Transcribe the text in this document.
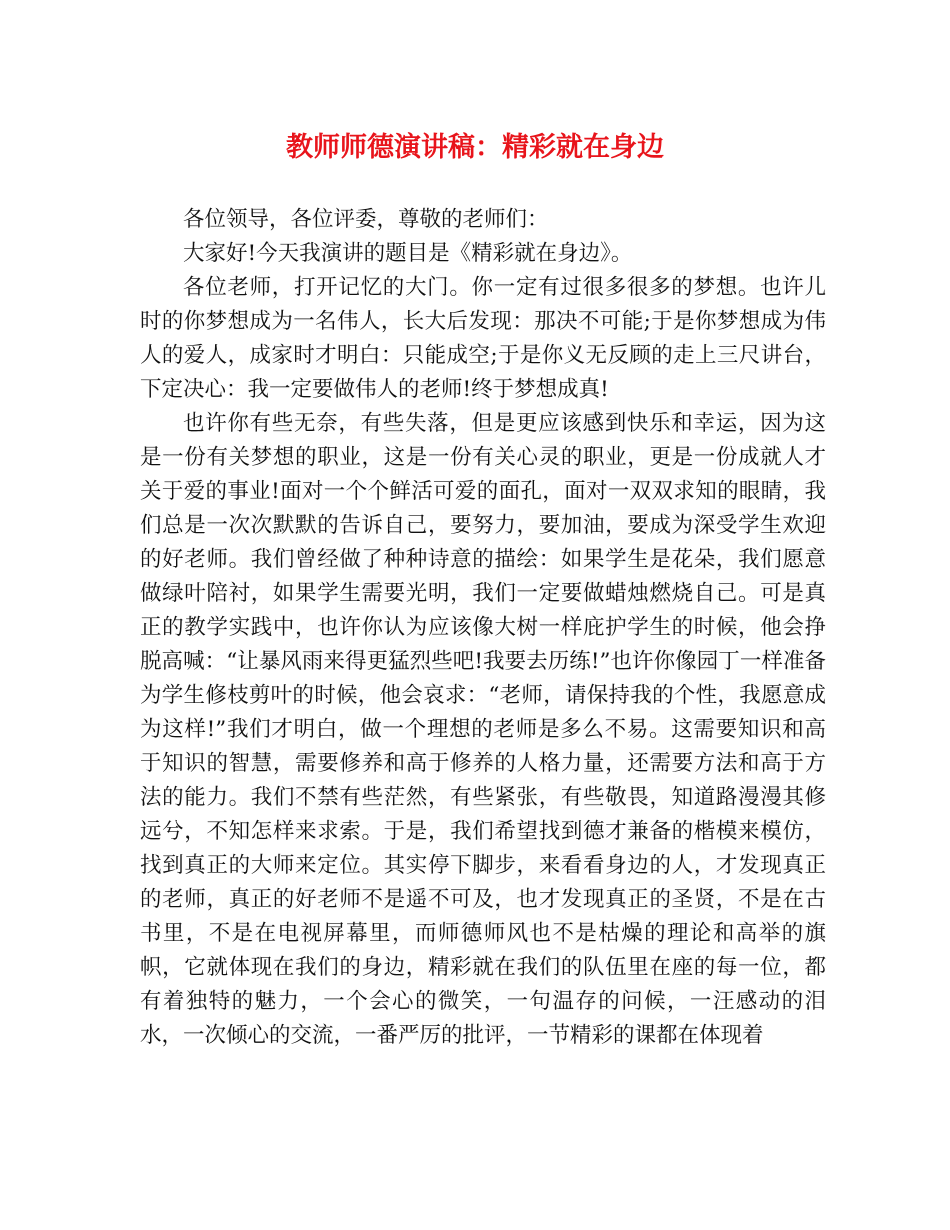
教师师德演讲稿：精彩就在身边

各位领导，各位评委，尊敬的老师们：

大家好!今天我演讲的题目是《精彩就在身边》。

各位老师，打开记忆的大门。你一定有过很多很多的梦想。也许儿时的你梦想成为一名伟人，长大后发现：那决不可能;于是你梦想成为伟人的爱人，成家时才明白：只能成空;于是你义无反顾的走上三尺讲台，下定决心：我一定要做伟人的老师!终于梦想成真!

也许你有些无奈，有些失落，但是更应该感到快乐和幸运，因为这是一份有关梦想的职业，这是一份有关心灵的职业，更是一份成就人才关于爱的事业!面对一个个鲜活可爱的面孔，面对一双双求知的眼睛，我们总是一次次默默的告诉自己，要努力，要加油，要成为深受学生欢迎的好老师。我们曾经做了种种诗意的描绘：如果学生是花朵，我们愿意做绿叶陪衬，如果学生需要光明，我们一定要做蜡烛燃烧自己。可是真正的教学实践中，也许你认为应该像大树一样庇护学生的时候，他会挣脱高喊：“让暴风雨来得更猛烈些吧!我要去历练!”也许你像园丁一样准备为学生修枝剪叶的时候，他会哀求：“老师，请保持我的个性，我愿意成为这样!”我们才明白，做一个理想的老师是多么不易。这需要知识和高于知识的智慧，需要修养和高于修养的人格力量，还需要方法和高于方法的能力。我们不禁有些茫然，有些紧张，有些敬畏，知道路漫漫其修远兮，不知怎样来求索。于是，我们希望找到德才兼备的楷模来模仿，找到真正的大师来定位。其实停下脚步，来看看身边的人，才发现真正的老师，真正的好老师不是遥不可及，也才发现真正的圣贤，不是在古书里，不是在电视屏幕里，而师德师风也不是枯燥的理论和高举的旗帜，它就体现在我们的身边，精彩就在我们的队伍里在座的每一位，都有着独特的魅力，一个会心的微笑，一句温存的问候，一汪感动的泪水，一次倾心的交流，一番严厉的批评，一节精彩的课都在体现着
